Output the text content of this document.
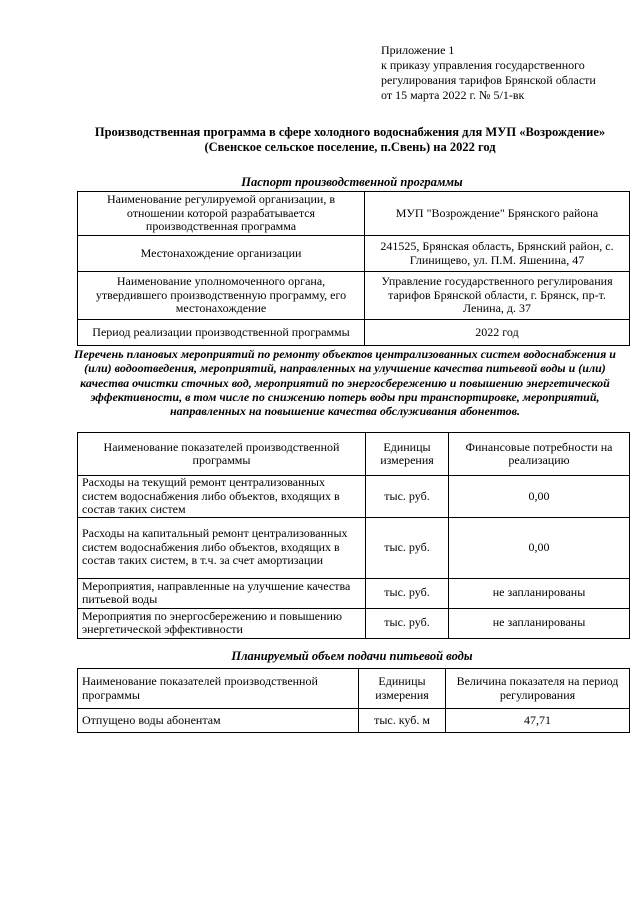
Приложение 1
к приказу управления государственного
регулирования тарифов Брянской области
от 15 марта 2022 г. № 5/1-вк
Производственная программа в сфере холодного водоснабжения для МУП «Возрождение»
(Свенское сельское поселение, п.Свень) на 2022 год
Паспорт производственной программы
Наименование регулируемой организации, в отношении которой разрабатывается производственная программа	МУП "Возрождение" Брянского района
Местонахождение организации	241525, Брянская область, Брянский район, с. Глинищево, ул. П.М. Яшенина, 47
Наименование уполномоченного органа, утвердившего производственную программу, его местонахождение	Управление государственного регулирования тарифов Брянской области, г. Брянск, пр-т. Ленина, д. 37
Период реализации производственной программы	2022 год
Перечень плановых мероприятий по ремонту объектов централизованных систем водоснабжения и (или) водоотведения, мероприятий, направленных на улучшение качества питьевой воды и (или) качества очистки сточных вод, мероприятий по энергосбережению и повышению энергетической эффективности, в том числе по снижению потерь воды при транспортировке, мероприятий, направленных на повышение качества обслуживания абонентов.
Наименование показателей производственной программы	Единицы измерения	Финансовые потребности на реализацию
Расходы на текущий ремонт централизованных систем водоснабжения либо объектов, входящих в состав таких систем	тыс. руб.	0,00
Расходы на капитальный ремонт централизованных систем водоснабжения либо объектов, входящих в состав таких систем, в т.ч. за счет амортизации	тыс. руб.	0,00
Мероприятия, направленные на улучшение качества питьевой воды	тыс. руб.	не запланированы
Мероприятия по энергосбережению и повышению энергетической эффективности	тыс. руб.	не запланированы
Планируемый объем подачи питьевой воды
Наименование показателей производственной программы	Единицы измерения	Величина показателя на период регулирования
Отпущено воды абонентам	тыс. куб. м	47,71
